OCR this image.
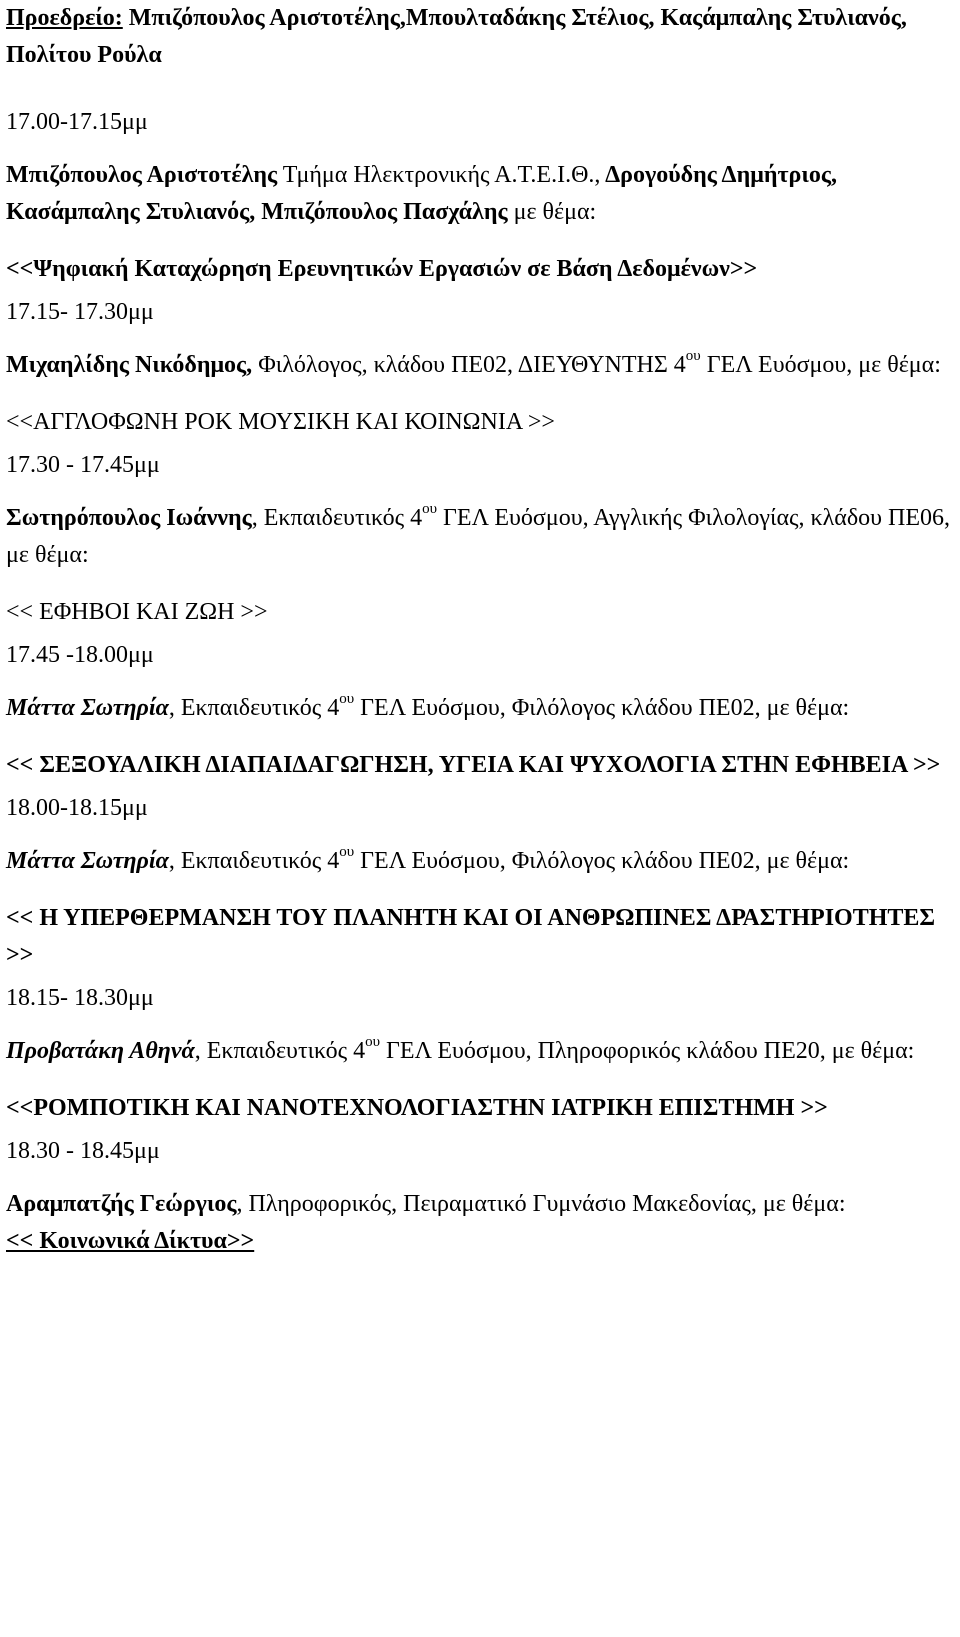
Προεδρείο: Μπιζόπουλος Αριστοτέλης,Μπουλταδάκης Στέλιος, Καςάμπαλης Στυλιανός, Πολίτου Ρούλα

17.00-17.15μμ

Μπιζόπουλος Αριστοτέλης Τμήμα Ηλεκτρονικής Α.Τ.Ε.Ι.Θ., Δρογούδης Δημήτριος, Κασάμπαλης Στυλιανός, Μπιζόπουλος Πασχάλης με θέμα:

<<Ψηφιακή Καταχώρηση Ερευνητικών Εργασιών σε Βάση Δεδομένων>>

17.15- 17.30μμ

Μιχαηλίδης Νικόδημος, Φιλόλογος, κλάδου ΠΕ02, ΔΙΕΥΘΥΝΤΗΣ $4^{o\upsilon}$ ΓΕΛ Ευόσμου, με θέμα:

<<ΑΓΓΛΟΦΩΝΗ ΡΟΚ ΜΟΥΣΙΚΗ ΚΑΙ ΚΟΙΝΩΝΙΑ >>

17.30 - 17.45μμ

Σωτηρόπουλος Ιωάννης, Εκπαιδευτικός $4^{o\upsilon}$ ΓΕΛ Ευόσμου, Αγγλικής Φιλολογίας, κλάδου ΠΕ06, με θέμα:

<< ΕΦΗΒΟΙ ΚΑΙ ΖΩΗ >>

17.45 -18.00μμ

Μάττα Σωτηρία, Εκπαιδευτικός $4^{o\upsilon}$ ΓΕΛ Ευόσμου, Φιλόλογος κλάδου ΠΕ02, με θέμα:

<< ΣΕΞΟΥΑΛΙΚΗ ΔΙΑΠΑΙΔΑΓΩΓΗΣΗ, ΥΓΕΙΑ ΚΑΙ ΨΥΧΟΛΟΓΙΑ ΣΤΗΝ ΕΦΗΒΕΙΑ >>

18.00-18.15μμ

Μάττα Σωτηρία, Εκπαιδευτικός $4^{o\upsilon}$ ΓΕΛ Ευόσμου, Φιλόλογος κλάδου ΠΕ02, με θέμα:

<< Η ΥΠΕΡΘΕΡΜΑΝΣΗ ΤΟΥ ΠΛΑΝΗΤΗ ΚΑΙ ΟΙ ΑΝΘΡΩΠΙΝΕΣ ΔΡΑΣΤΗΡΙΟΤΗΤΕΣ >>

18.15- 18.30μμ

Προβατάκη Αθηνά, Εκπαιδευτικός $4^{o\upsilon}$ ΓΕΛ Ευόσμου, Πληροφορικός κλάδου ΠΕ20, με θέμα:

<<ΡΟΜΠΟΤΙΚΗ ΚΑΙ ΝΑΝΟΤΕΧΝΟΛΟΓΙΑΣΤΗΝ ΙΑΤΡΙΚΗ ΕΠΙΣΤΗΜΗ >>

18.30 - 18.45μμ

Αραμπατζής Γεώργιος, Πληροφορικός, Πειραματικό Γυμνάσιο Μακεδονίας, με θέμα:

<< Κοινωνικά Δίκτυα>>
